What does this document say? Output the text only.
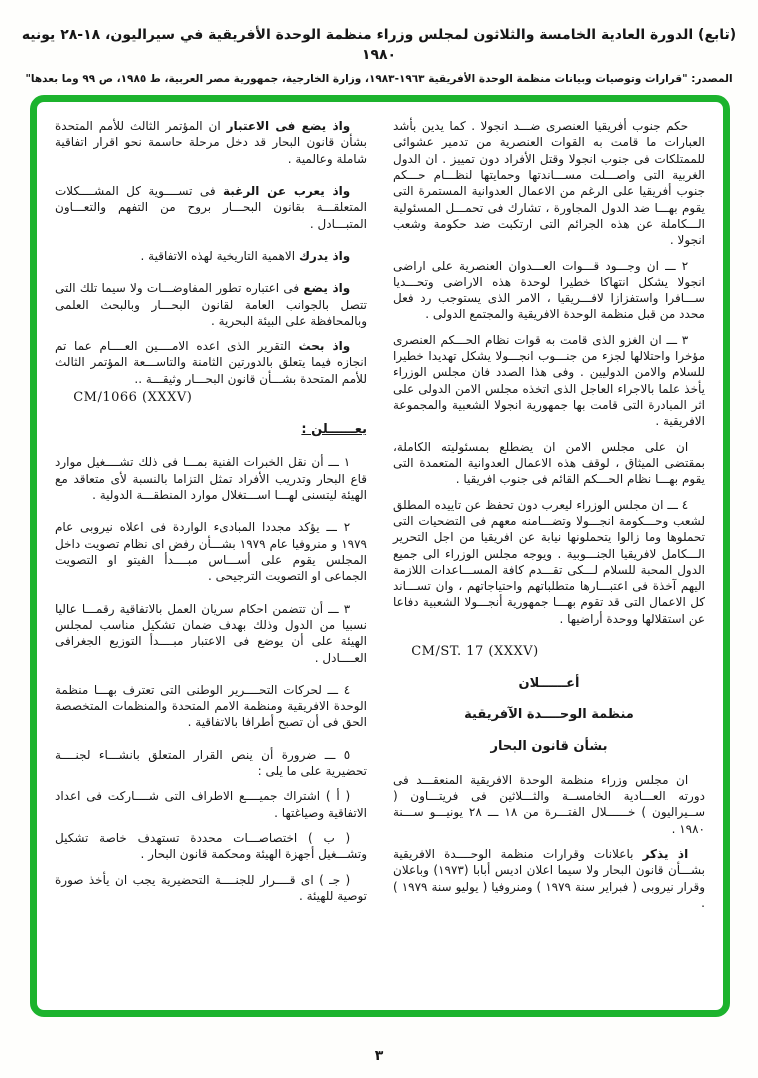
(تابع) الدورة العادية الخامسة والثلاثون لمجلس وزراء منظمة الوحدة الأفريقية في سيراليون، ١٨-٢٨ يونيه ١٩٨٠
المصدر: "قرارات وتوصيات وبيانات منظمة الوحدة الأفريقية ١٩٦٣-١٩٨٣، وزارة الخارجية، جمهورية مصر العربية، ط ١٩٨٥، ص ٩٩ وما بعدها"

حكم جنوب أفريقيا العنصرى ضـــد انجولا . كما يدين بأشد العبارات ما قامت به القوات العنصرية من تدمير عشوائى للممتلكات فى جنوب انجولا وقتل الأفراد دون تمييز . ان الدول الغربية التى واصـــلت مســـاندتها وحمايتها لنظـــام حـــكم جنوب أفريقيا على الرغم من الاعمال العدوانية المستمرة التى يقوم بهـــا ضد الدول المجاورة ، تشارك فى تحمـــل المسئولية الـــكاملة عن هذه الجرائم التى ارتكبت ضد حكومة وشعب انجولا .

٢ ـــ ان وجـــود قـــوات العـــدوان العنصرية على اراضى انجولا يشكل انتهاكا خطيرا لوحدة هذه الاراضى وتحـــديا ســـافرا واستفزازا لافـــريقيا ، الامر الذى يستوجب رد فعل محدد من قبل منظمة الوحدة الافريقية والمجتمع الدولى .

٣ ـــ ان الغزو الذى قامت به قوات نظام الحـــكم العنصرى مؤخرا واحتلالها لجزء من جنـــوب انجـــولا يشكل تهديدا خطيرا للسلام والامن الدوليين . وفى هذا الصدد فان مجلس الوزراء يأخذ علما بالاجراء العاجل الذى اتخذه مجلس الامن الدولى على اثر المبادرة التى قامت بها جمهورية انجولا الشعبية والمجموعة الافريقية .

ان على مجلس الامن ان يضطلع بمسئوليته الكاملة، بمقتضى الميثاق ، لوقف هذه الاعمال العدوانية المتعمدة التى يقوم بهـــا نظام الحـــكم القائم فى جنوب افريقيا .

٤ ـــ ان مجلس الوزراء ليعرب دون تحفظ عن تاييده المطلق لشعب وحـــكومة انجـــولا وتضـــامنه معهم فى التضحيات التى تحملوها وما زالوا يتحملونها نيابة عن افريقيا من اجل التحرير الـــكامل لافريقيا الجنـــوبية . ويوجه مجلس الوزراء الى جميع الدول المحبة للسلام لـــكى تقـــدم كافة المســـاعدات اللازمة اليهم آخذة فى اعتبـــارها متطلباتهم واحتياجاتهم ، وان تســـاند كل الاعمال التى قد تقوم بهـــا جمهورية أنجـــولا الشعبية دفاعا عن استقلالها ووحدة أراضيها .

CM/ST. 17 (XXXV)

أعــــــلان

منظمة الوحــــدة الآفريقية

بشأن قانون البحار

ان مجلس وزراء منظمة الوحدة الافريقية المنعقـــد فى دورته العـــادية الخامســة والثـــلاثين فى فريتـــاون ( ســيراليون ) خــــــلال الفتـــرة من ١٨ ـــ ٢٨ يونيـــو ســـنة ١٩٨٠ .

اذ يذكر باعلانات وقرارات منظمة الوحــــدة الافريقية بشـــأن قانون البحار ولا سيما اعلان اديس أبابا (١٩٧٣) وباعلان وقرار نيروبى ( فبراير سنة ١٩٧٩ ) ومنروفيا ( يوليو سنة ١٩٧٩ ) .

واذ يضع فى الاعتبار ان المؤتمر الثالث للأمم المتحدة بشأن قانون البحار قد دخل مرحلة حاسمة نحو اقرار اتفاقية شاملة وعالمية .

واذ يعرب عن الرغبة فى تســــوية كل المشــــكلات المتعلقـــة بقانون البحـــار بروح من التفهم والتعـــاون المتبـــادل .

واذ يدرك الاهمية التاريخية لهذه الاتفاقية .

واذ يضع فى اعتباره تطور المفاوضـــات ولا سيما تلك التى تتصل بالجوانب العامة لقانون البحـــار وبالبحث العلمى وبالمحافظة على البيئة البحرية .

واذ بحث التقرير الذى اعده الامــــين العــــام عما تم انجازه فيما يتعلق بالدورتين الثامنة والتاســـعة المؤتمر الثالث للأمم المتحدة بشـــأن قانون البحـــار وثيقـــة ..

CM/1066 (XXXV)

يعــــــلن :

١ ـــ أن نقل الخبرات الفنية بمـــا فى ذلك تشــــغيل موارد قاع البحار وتدريب الأفراد تمثل التزاما بالنسبة لأى متعاقد مع الهيئة ليتسنى لهـــا اســـتغلال موارد المنطقـــة الدولية .

٢ ـــ يؤكد مجددا المبادىء الواردة فى اعلاه نيروبى عام ١٩٧٩ و منروفيا عام ١٩٧٩ بشـــأن رفض اى نظام تصويت داخل المجلس يقوم على أســـاس مبــــدأ الفيتو او التصويت الجماعى او التصويت الترجيحى .

٣ ـــ أن تتضمن احكام سريان العمل بالاتفاقية رقمـــا عاليا نسبيا من الدول وذلك بهدف ضمان تشكيل مناسب لمجلس الهيئة على أن يوضع فى الاعتبار مبــــدأ التوزيع الجغرافى العــــادل .

٤ ـــ لحركات التحــــرير الوطنى التى تعترف بهـــا منظمة الوحدة الافريقية ومنظمة الامم المتحدة والمنظمات المتخصصة الحق فى أن تصبح أطرافا بالاتفاقية .

٥ ـــ ضرورة أن ينص القرار المتعلق بانشـــاء لجنــــة تحضيرية على ما يلى :

( أ ) اشتراك جميــــع الاطراف التى شــــاركت فى اعداد الاتفاقية وصياغتها .

( ب ) اختصاصـــات محددة تستهدف خاصة تشكيل وتشـــغيل أجهزة الهيئة ومحكمة قانون البحار .

( جـ ) اى قــــرار للجنــــة التحضيرية يجب ان يأخذ صورة توصية للهيئة .

٣
